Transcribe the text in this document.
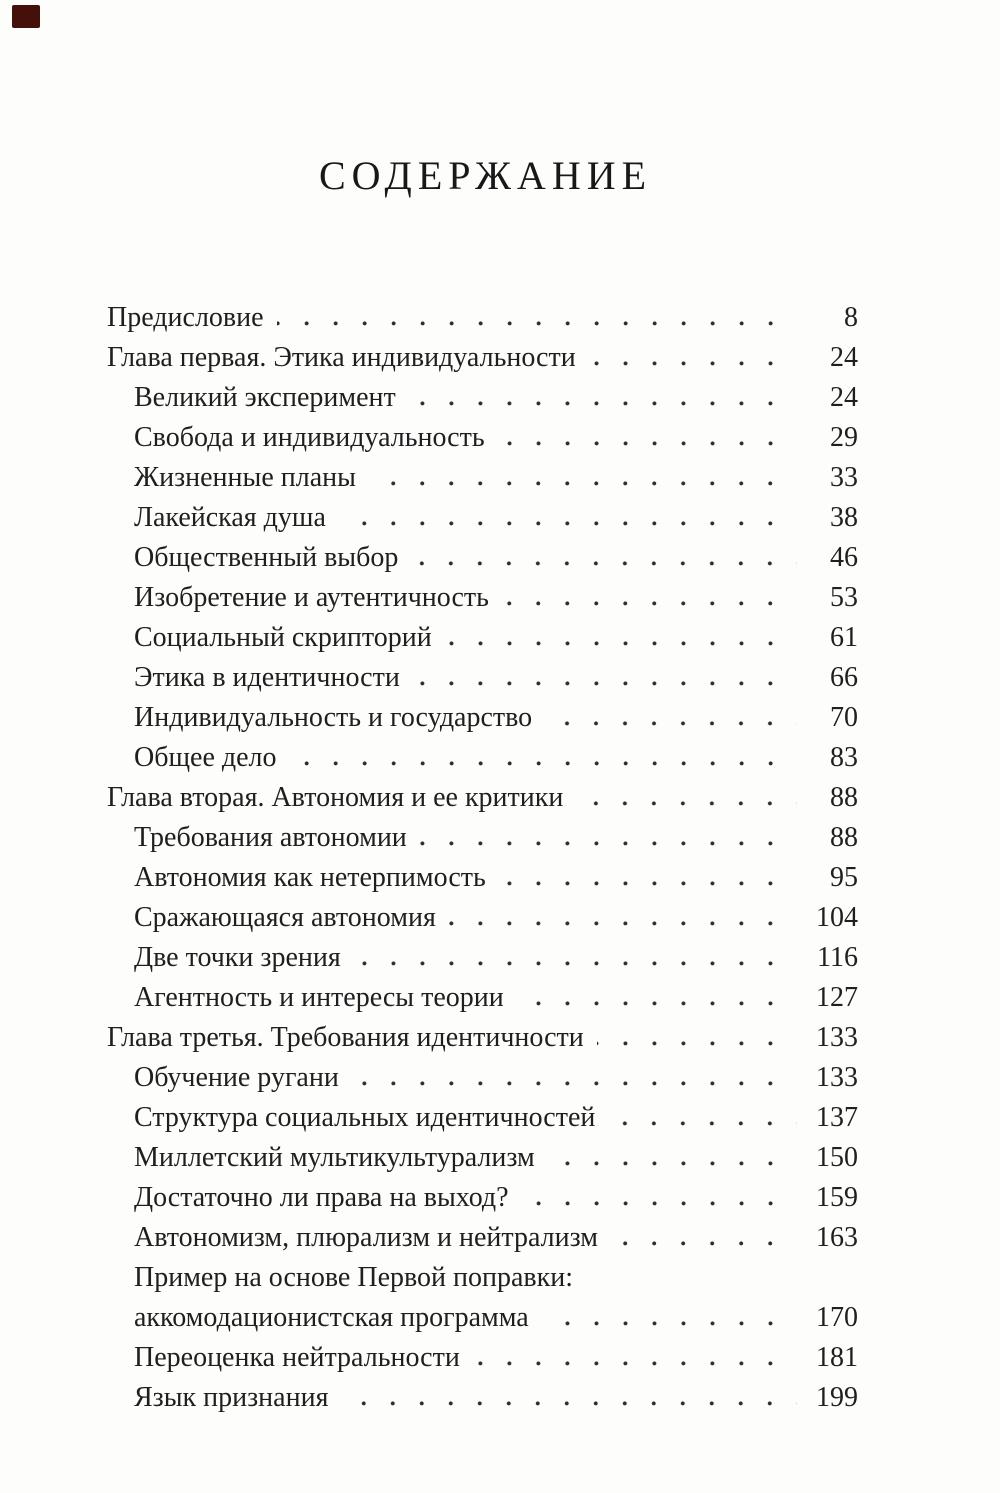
СОДЕРЖАНИЕ
Предисловие	8
Глава первая. Этика индивидуальности	24
Великий эксперимент	24
Свобода и индивидуальность	29
Жизненные планы	33
Лакейская душа	38
Общественный выбор	46
Изобретение и аутентичность	53
Социальный скрипторий	61
Этика в идентичности	66
Индивидуальность и государство	70
Общее дело	83
Глава вторая. Автономия и ее критики	88
Требования автономии	88
Автономия как нетерпимость	95
Сражающаяся автономия	104
Две точки зрения	116
Агентность и интересы теории	127
Глава третья. Требования идентичности	133
Обучение ругани	133
Структура социальных идентичностей	137
Миллетский мультикультурализм	150
Достаточно ли права на выход?	159
Автономизм, плюрализм и нейтрализм	163
Пример на основе Первой поправки:
аккомодационистская программа	170
Переоценка нейтральности	181
Язык признания	199
